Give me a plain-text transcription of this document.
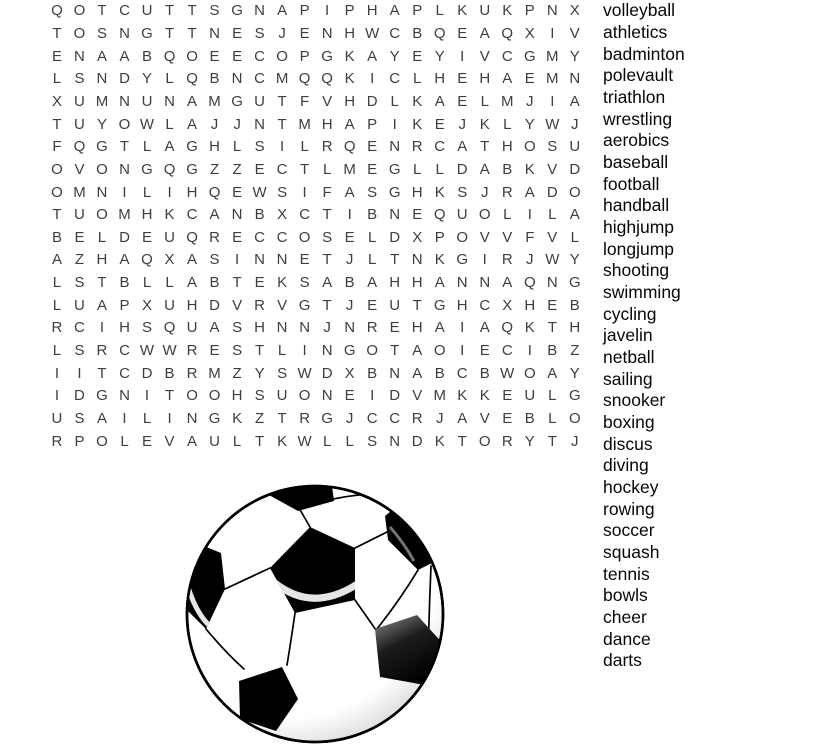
Q O T C U T T S G N A P	I	P H A P L K U K P N X
T O S N G T T N E S J E N H W C B Q E A Q X	I	V
E N A A B Q O E E C O P G K A Y E Y	I	V C G M Y
L S N D Y L Q B N C M Q Q K	I	C L H E H A E M N
X U M N U N A M G U T F V H D L K A E L M J	I	A
T U Y O W L A J	J N T M H A P	I	K E J K L Y W J
F Q G T L A G H L S	I	L R Q E N R C A T H O S U
O V O N G Q G Z Z E C T L M E G L L D A B K V D
O M N	I	L	I	H Q E W S	I	F A S G H K S J R A D O
T U O M H K C A N B X C T	I	B N E Q U O L	I	L A
B E L D E U Q R E C C O S E L D X P O V V F V L
A Z H A Q X A S	I	N N E T J L T N K G I	R J W Y
L S T B L L A B T E K S A B A H H A N N A Q N G
L U A P X U H D V R V G T J E U T G H C X H E B
R C	I	H S Q U A S H N N J N R E H A	I	A Q K T H
L S R C W W R E S T L	I	N G O T A O I	E C	I	B Z
I	I	T C D B R M Z Y S W D X B N A B C B W O A Y
I	D G N	I	T O O H S U O N E	I	D V M K K E U L G
U S A	I	L	I	N G K Z T R G J C C R J A V E B L O
R P O L E V A U L T K W L L S N D K T O R Y T J
volleyball
athletics
badminton
polevault
triathlon
wrestling
aerobics
baseball
football
handball
highjump
longjump
shooting
swimming
cycling
javelin
netball
sailing
snooker
boxing
discus
diving
hockey
rowing
soccer
squash
tennis
bowls
cheer
dance
darts
